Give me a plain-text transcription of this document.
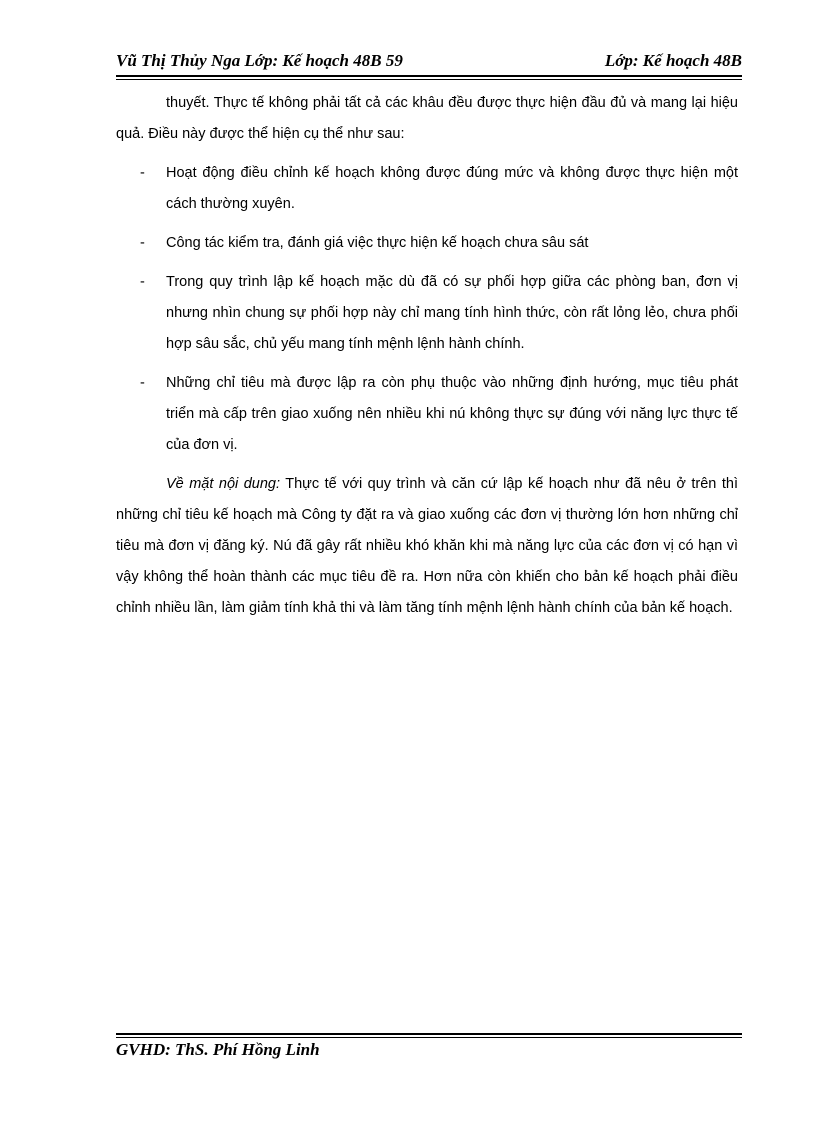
Vũ Thị Thủy Nga Lớp: Kế hoạch 48B 59	Lớp: Kế hoạch 48B

thuyết. Thực tế không phải tất cả các khâu đều được thực hiện đầu đủ và mang lại hiệu quả. Điều này được thể hiện cụ thể như sau:

- Hoạt động điều chỉnh kế hoạch không được đúng mức và không được thực hiện một cách thường xuyên.
- Công tác kiểm tra, đánh giá việc thực hiện kế hoạch chưa sâu sát
- Trong quy trình lập kế hoạch mặc dù đã có sự phối hợp giữa các phòng ban, đơn vị nhưng nhìn chung sự phối hợp này chỉ mang tính hình thức, còn rất lỏng lẻo, chưa phối hợp sâu sắc, chủ yếu mang tính mệnh lệnh hành chính.
- Những chỉ tiêu mà được lập ra còn phụ thuộc vào những định hướng, mục tiêu phát triển mà cấp trên giao xuống nên nhiều khi nú không thực sự đúng với năng lực thực tế của đơn vị.

Về mặt nội dung: Thực tế với quy trình và căn cứ lập kế hoạch như đã nêu ở trên thì những chỉ tiêu kế hoạch mà Công ty đặt ra và giao xuống các đơn vị thường lớn hơn những chỉ tiêu mà đơn vị đăng ký. Nú đã gây rất nhiều khó khăn khi mà năng lực của các đơn vị có hạn vì vậy không thể hoàn thành các mục tiêu đề ra. Hơn nữa còn khiến cho bản kế hoạch phải điều chỉnh nhiều lần, làm giảm tính khả thi và làm tăng tính mệnh lệnh hành chính của bản kế hoạch.

GVHD: ThS. Phí Hồng Linh
